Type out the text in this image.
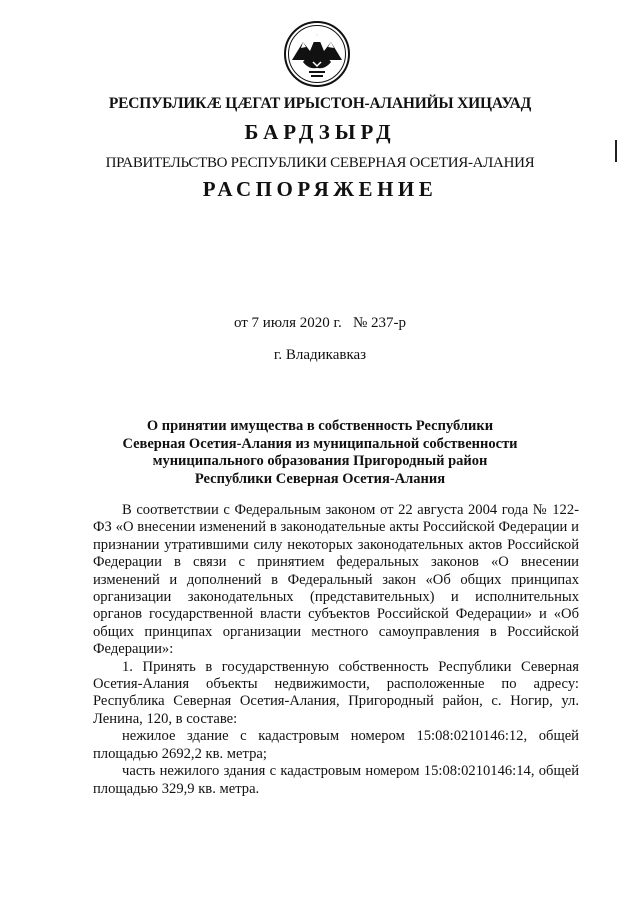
РЕСПУБЛИКӔ ЦӔГАТ ИРЫСТОН-АЛАНИЙЫ ХИЦАУАД
БАРДЗЫРД
ПРАВИТЕЛЬСТВО РЕСПУБЛИКИ СЕВЕРНАЯ ОСЕТИЯ-АЛАНИЯ
РАСПОРЯЖЕНИЕ
от 7 июля 2020 г. № 237-р
г. Владикавказ
О принятии имущества в собственность Республики
Северная Осетия-Алания из муниципальной собственности
муниципального образования Пригородный район
Республики Северная Осетия-Алания

В соответствии с Федеральным законом от 22 августа 2004 года № 122-ФЗ «О внесении изменений в законодательные акты Российской Федерации и признании утратившими силу некоторых законодательных актов Российской Федерации в связи с принятием федеральных законов «О внесении изменений и дополнений в Федеральный закон «Об общих принципах организации законодательных (представительных) и исполнительных органов государственной власти субъектов Российской Федерации» и «Об общих принципах организации местного самоуправления в Российской Федерации»:

1. Принять в государственную собственность Республики Северная Осетия-Алания объекты недвижимости, расположенные по адресу: Республика Северная Осетия-Алания, Пригородный район, с. Ногир, ул. Ленина, 120, в составе:

нежилое здание с кадастровым номером 15:08:0210146:12, общей площадью 2692,2 кв. метра;

часть нежилого здания с кадастровым номером 15:08:0210146:14, общей площадью 329,9 кв. метра.
